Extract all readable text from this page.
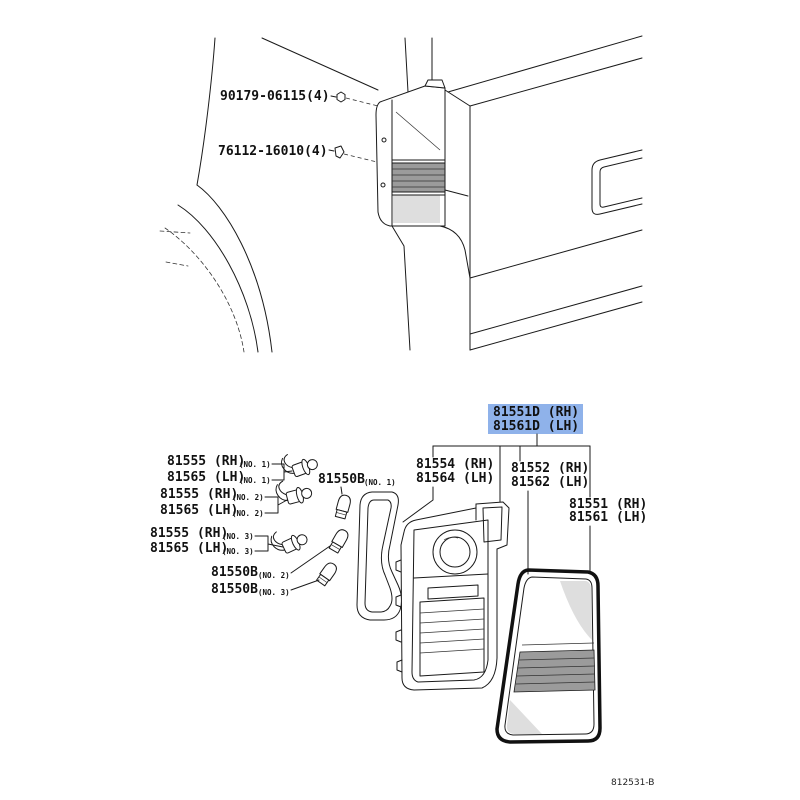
90179-06115(4)
76112-16010(4)
81551D (RH)
81561D (LH)
81554 (RH)
81564 (LH)
81552 (RH)
81562 (LH)
81551 (RH)
81561 (LH)
81555 (RH)
(NO. 1)
81565 (LH)
(NO. 1)
81555 (RH)
(NO. 2)
81565 (LH)
(NO. 2)
81555 (RH)
(NO. 3)
81565 (LH)
(NO. 3)
81550B (NO. 1)
81550B (NO. 2)
81550B (NO. 3)
812531-B
